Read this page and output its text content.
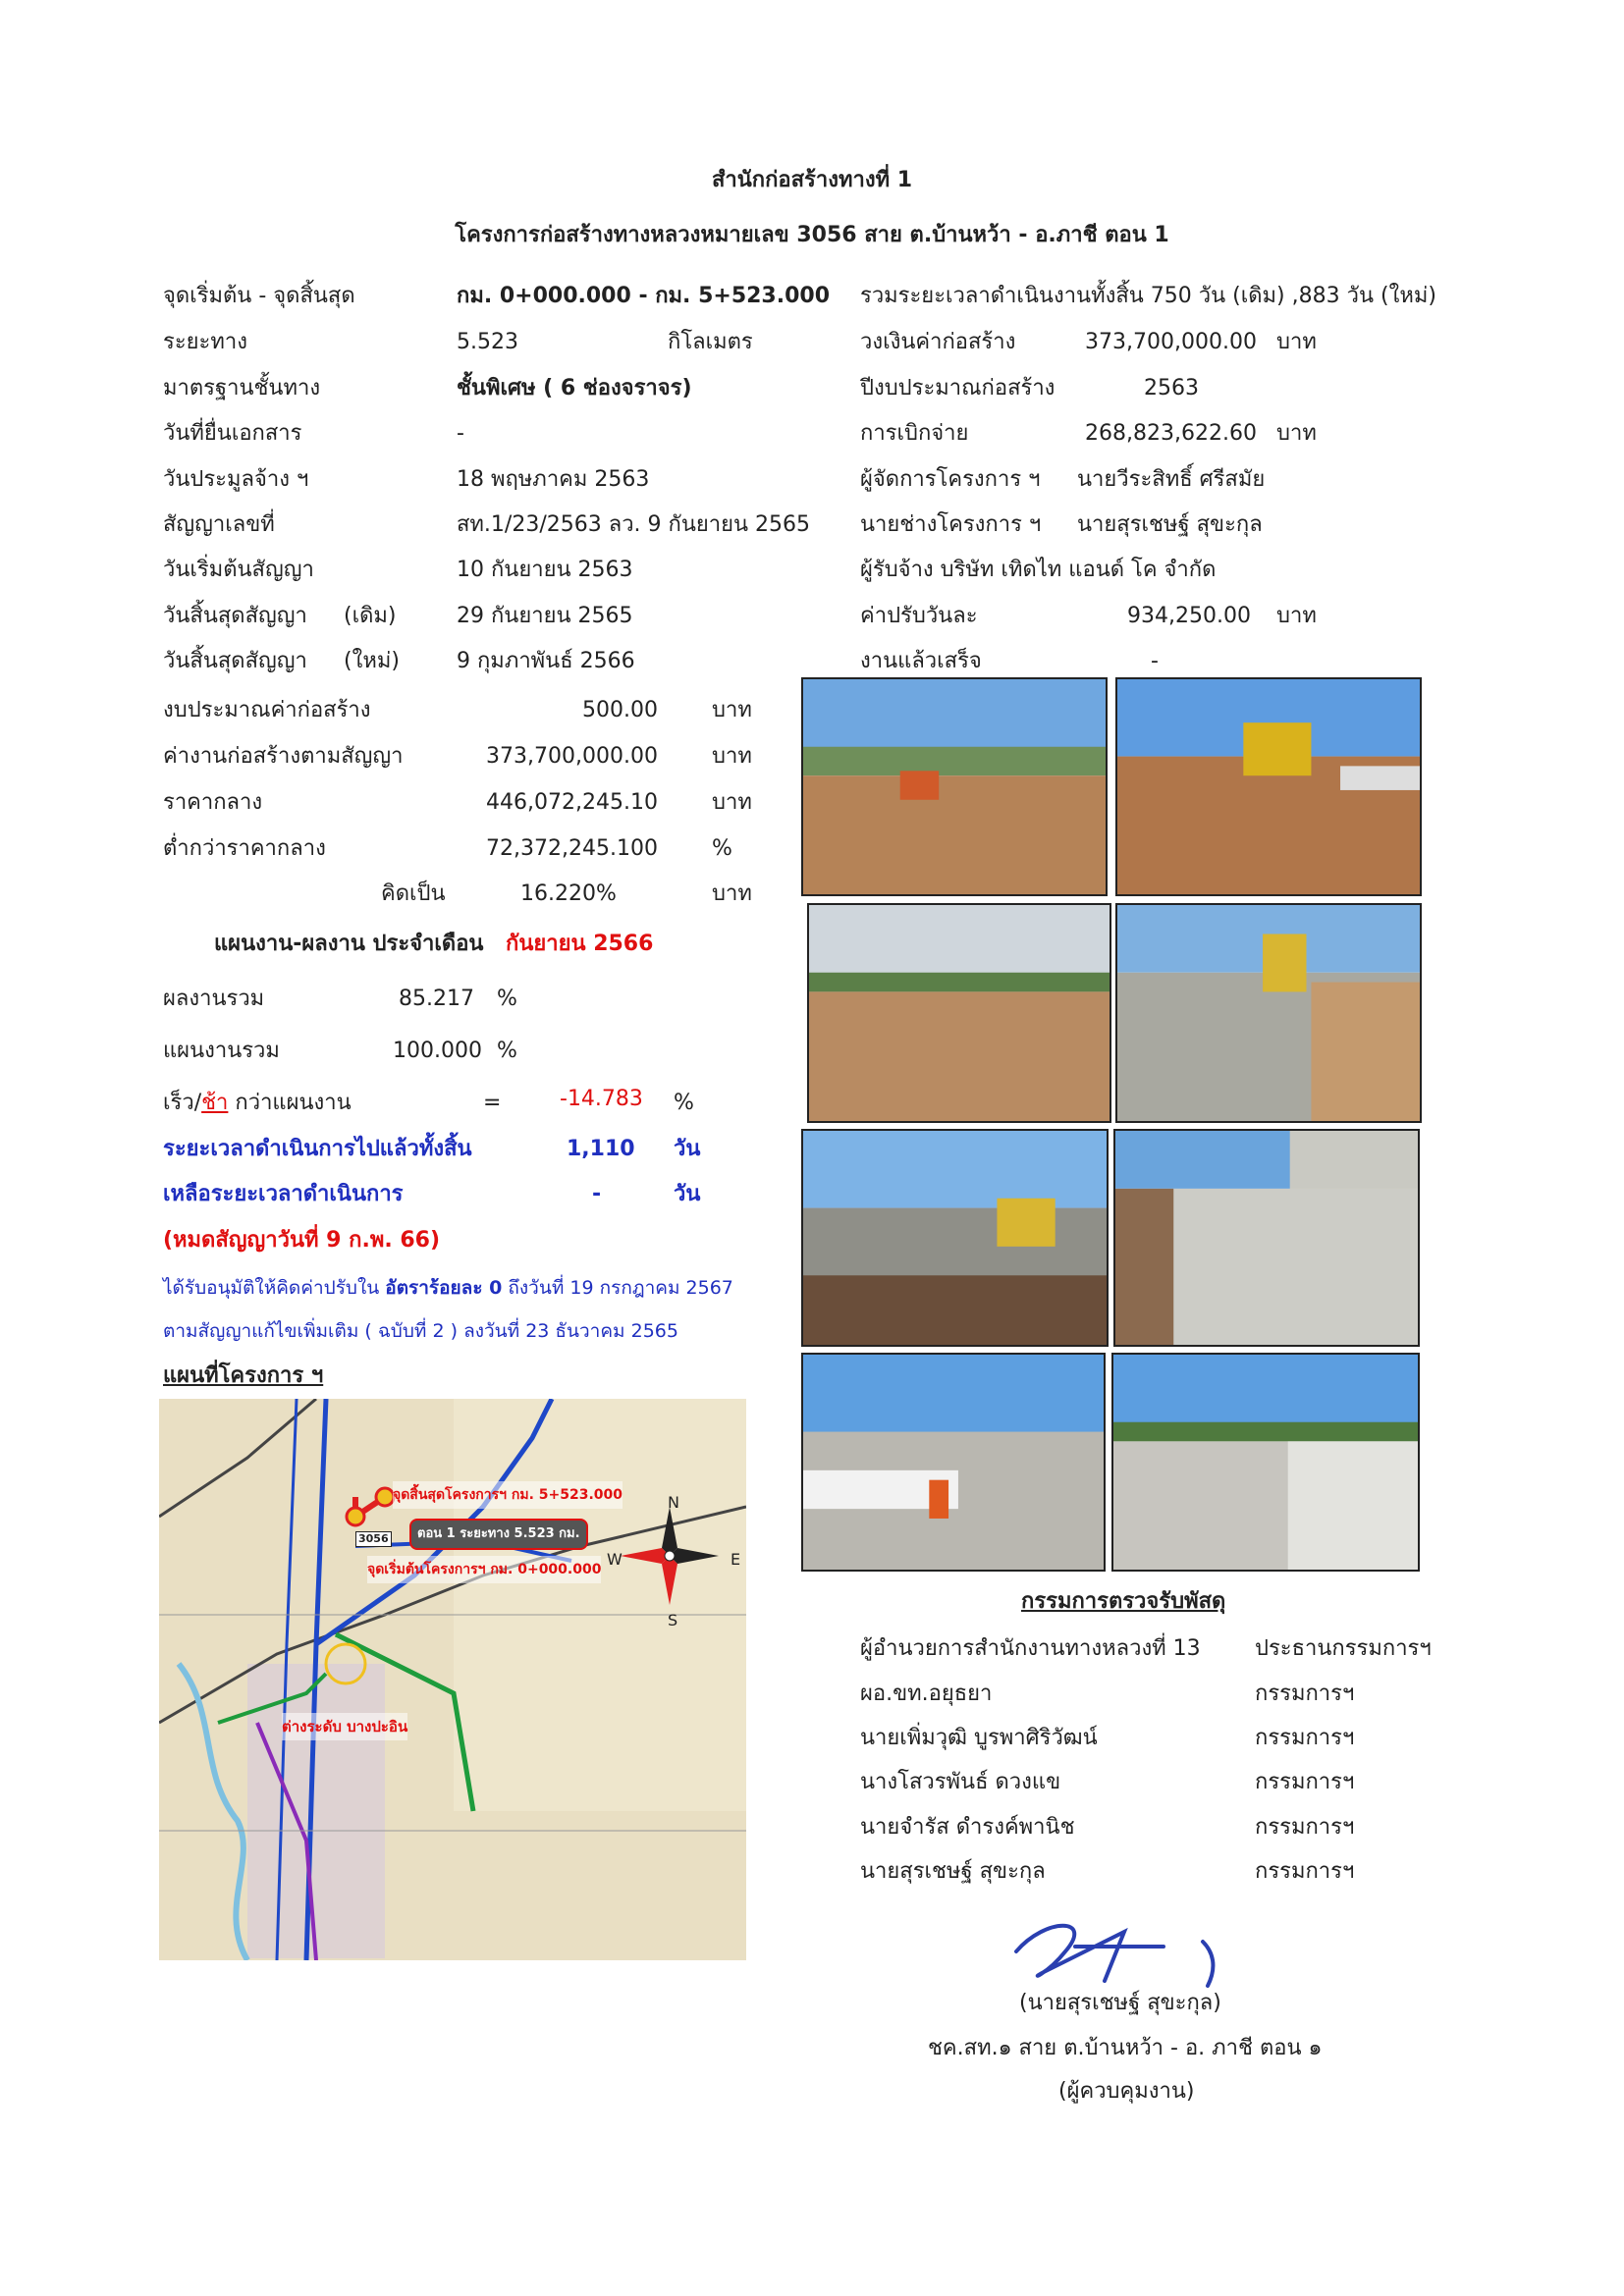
สำนักก่อสร้างทางที่ 1
โครงการก่อสร้างทางหลวงหมายเลข 3056 สาย ต.บ้านหว้า - อ.ภาชี ตอน 1
จุดเริ่มต้น - จุดสิ้นสุด	กม. 0+000.000 - กม. 5+523.000
ระยะทาง	5.523	กิโลเมตร
มาตรฐานชั้นทาง	ชั้นพิเศษ ( 6 ช่องจราจร)
วันที่ยื่นเอกสาร	-
วันประมูลจ้าง ฯ	18 พฤษภาคม 2563
สัญญาเลขที่	สท.1/23/2563 ลว. 9 กันยายน 2565
วันเริ่มต้นสัญญา	10 กันยายน 2563
วันสิ้นสุดสัญญา (เดิม)	29 กันยายน 2565
วันสิ้นสุดสัญญา (ใหม่)	9 กุมภาพันธ์ 2566
รวมระยะเวลาดำเนินงานทั้งสิ้น 750 วัน (เดิม) ,883 วัน (ใหม่)
วงเงินค่าก่อสร้าง	373,700,000.00 บาท
ปีงบประมาณก่อสร้าง	2563
การเบิกจ่าย	268,823,622.60 บาท
ผู้จัดการโครงการ ฯ นายวีระสิทธิ์ ศรีสมัย
นายช่างโครงการ ฯ นายสุรเชษฐ์ สุขะกุล
ผู้รับจ้าง บริษัท เทิดไท แอนด์ โค จำกัด
ค่าปรับวันละ	934,250.00 บาท
งานแล้วเสร็จ	-
งบประมาณค่าก่อสร้าง	500.00	บาท
ค่างานก่อสร้างตามสัญญา	373,700,000.00	บาท
ราคากลาง	446,072,245.10	บาท
ต่ำกว่าราคากลาง	72,372,245.100	%
คิดเป็น	16.220%	บาท
แผนงาน-ผลงาน ประจำเดือน กันยายน 2566
ผลงานรวม	85.217 %
แผนงานรวม	100.000 %
เร็ว/ช้า กว่าแผนงาน	=	-14.783 %
ระยะเวลาดำเนินการไปแล้วทั้งสิ้น	1,110 วัน
เหลือระยะเวลาดำเนินการ	-	วัน
(หมดสัญญาวันที่ 9 ก.พ. 66)
ได้รับอนุมัติให้คิดค่าปรับใน อัตราร้อยละ 0 ถึงวันที่ 19 กรกฎาคม 2567
ตามสัญญาแก้ไขเพิ่มเติม ( ฉบับที่ 2 ) ลงวันที่ 23 ธันวาคม 2565
แผนที่โครงการ ฯ
N
E
S
W
จุดสิ้นสุดโครงการฯ กม. 5+523.000
ตอน 1 ระยะทาง 5.523 กม.
จุดเริ่มต้นโครงการฯ กม. 0+000.000
ต่างระดับ บางปะอิน
3056
กรรมการตรวจรับพัสดุ
ผู้อำนวยการสำนักงานทางหลวงที่ 13	ประธานกรรมการฯ
ผอ.ขท.อยุธยา	กรรมการฯ
นายเพิ่มวุฒิ บูรพาศิริวัฒน์	กรรมการฯ
นางโสวรพันธ์ ดวงแข	กรรมการฯ
นายจำรัส ดำรงค์พานิช	กรรมการฯ
นายสุรเชษฐ์ สุขะกุล	กรรมการฯ
(นายสุรเชษฐ์ สุขะกุล)
ชค.สท.๑ สาย ต.บ้านหว้า - อ. ภาชี ตอน ๑
(ผู้ควบคุมงาน)
